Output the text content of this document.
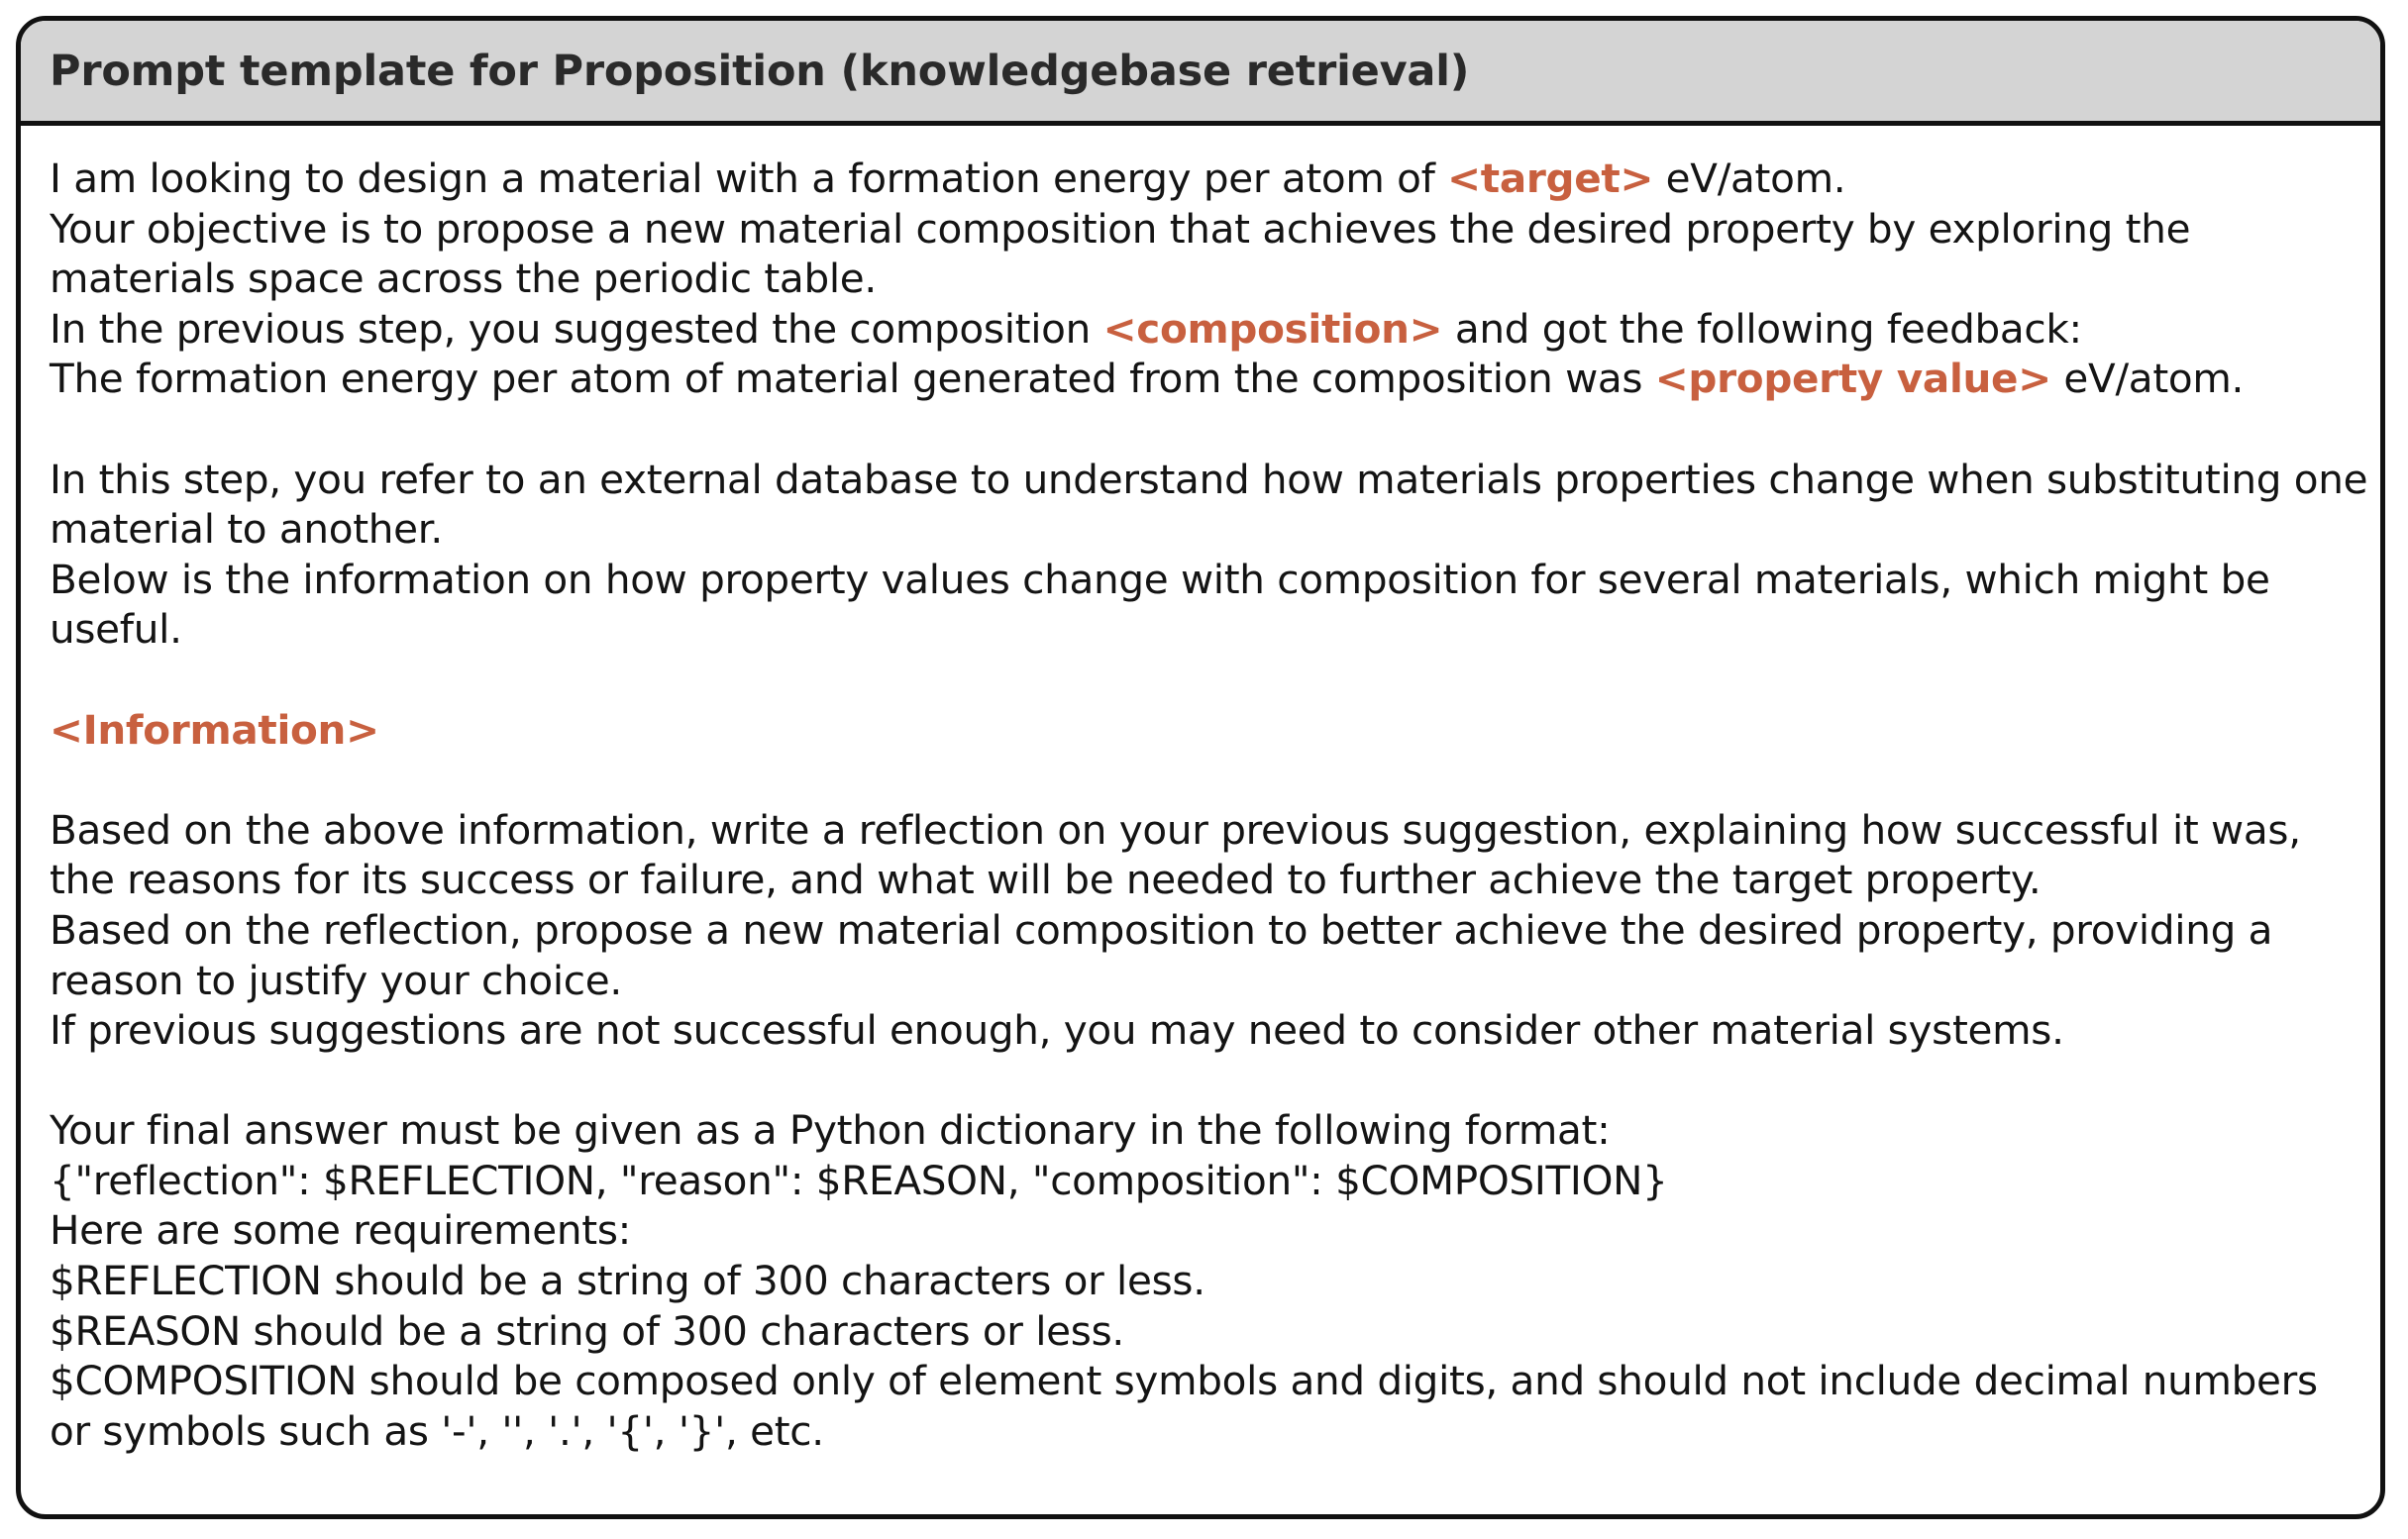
Prompt template for Proposition (knowledgebase retrieval)
I am looking to design a material with a formation energy per atom of <target> eV/atom.
Your objective is to propose a new material composition that achieves the desired property by exploring the
materials space across the periodic table.
In the previous step, you suggested the composition <composition> and got the following feedback:
The formation energy per atom of material generated from the composition was <property value> eV/atom.
In this step, you refer to an external database to understand how materials properties change when substituting one
material to another.
Below is the information on how property values change with composition for several materials, which might be
useful.
<Information>
Based on the above information, write a reflection on your previous suggestion, explaining how successful it was,
the reasons for its success or failure, and what will be needed to further achieve the target property.
Based on the reflection, propose a new material composition to better achieve the desired property, providing a
reason to justify your choice.
If previous suggestions are not successful enough, you may need to consider other material systems.
Your final answer must be given as a Python dictionary in the following format:
{"reflection": $REFLECTION, "reason": $REASON, "composition": $COMPOSITION}
Here are some requirements:
$REFLECTION should be a string of 300 characters or less.
$REASON should be a string of 300 characters or less.
$COMPOSITION should be composed only of element symbols and digits, and should not include decimal numbers
or symbols such as '-', '', '.', '{', '}', etc.
